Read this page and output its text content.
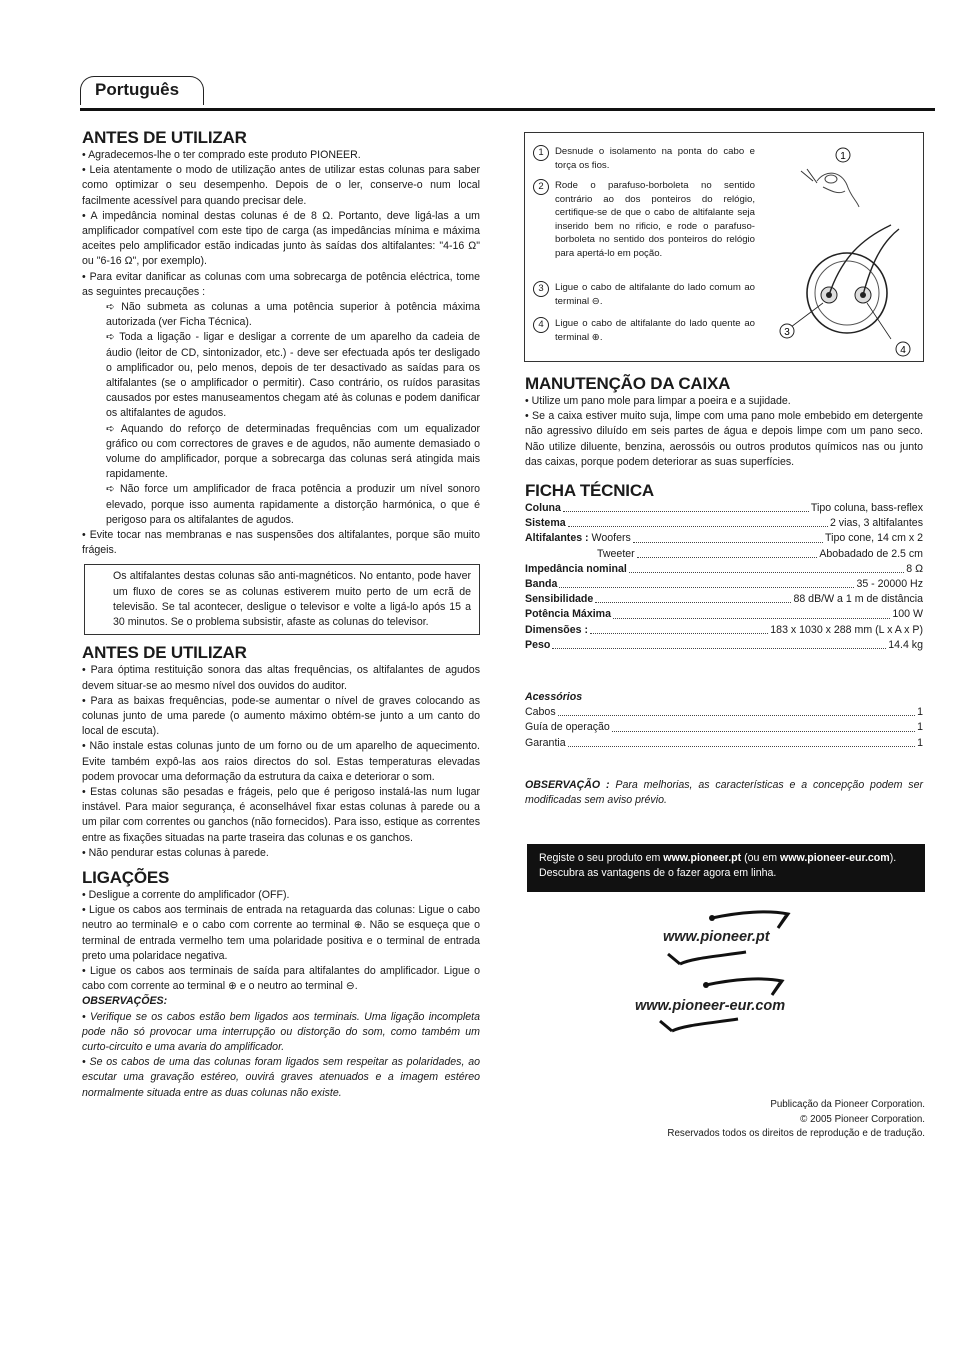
Português
ANTES DE UTILIZAR

• Agradecemos-lhe o ter comprado este produto PIONEER.

• Leia atentamente o modo de utilização antes de utilizar estas colunas para saber como optimizar o seu desempenho. Depois de o ler, conserve-o num local facilmente acessível para quando precisar dele.

• A impedância nominal destas colunas é de 8 Ω. Portanto, deve ligá-las a um amplificador compatível com este tipo de carga (as impedâncias mínima e máxima aceites pelo amplificador estão indicadas junto às saídas dos altifalantes: "4-16 Ω" ou "6-16 Ω", por exemplo).

• Para evitar danificar as colunas com uma sobrecarga de potência eléctrica, tome as seguintes precauções :

➪ Não submeta as colunas a uma potência superior à potência máxima autorizada (ver Ficha Técnica).

➪ Toda a ligação - ligar e desligar a corrente de um aparelho da cadeia de áudio (leitor de CD, sintonizador, etc.) - deve ser efectuada após ter desligado o amplificador ou, pelo menos, depois de ter desactivado as saídas para os altifalantes (se o amplificador o permitir). Caso contrário, os ruídos parasitas causados por estes manuseamentos chegam até às colunas e podem danificar os altifalantes de agudos.

➪ Aquando do reforço de determinadas frequências com um equalizador gráfico ou com correctores de graves e de agudos, não aumente demasiado o volume do amplificador, porque a sobrecarga das colunas será atingida mais rapidamente.

➪ Não force um amplificador de fraca potência a produzir um nível sonoro elevado, porque isso aumenta rapidamente a distorção harmónica, o que é perigoso para os altifalantes de agudos.

• Evite tocar nas membranas e nas suspensões dos altifalantes, porque são muito frágeis.

Os altifalantes destas colunas são anti-magnéticos. No entanto, pode haver um fluxo de cores se as colunas estiverem muito perto de um ecrã de televisão. Se tal acontecer, desligue o televisor e volte a ligá-lo após 15 a 30 minutos. Se o problema subsistir, afaste as colunas do televisor.
ANTES DE UTILIZAR

• Para óptima restituição sonora das altas frequências, os altifalantes de agudos devem situar-se ao mesmo nível dos ouvidos do auditor.

• Para as baixas frequências, pode-se aumentar o nível de graves colocando as colunas junto de uma parede (o aumento máximo obtém-se junto a um canto do local de escuta).

• Não instale estas colunas junto de um forno ou de um aparelho de aquecimento. Evite também expô-las aos raios directos do sol. Estas temperaturas elevadas podem provocar uma deformação da estrutura da caixa e deteriorar o som.

• Estas colunas são pesadas e frágeis, pelo que é perigoso instalá-las num lugar instável. Para maior segurança, é aconselhável fixar estas colunas à parede ou a um pilar com correntes ou ganchos (não fornecidos). Para isso, estique as correntes entre as fixações situadas na parte traseira das colunas e os ganchos.

• Não pendurar estas colunas à parede.

LIGAÇÕES

• Desligue a corrente do amplificador (OFF).

• Ligue os cabos aos terminais de entrada na retaguarda das colunas: Ligue o cabo neutro ao terminal⊖ e o cabo com corrente ao terminal ⊕. Não se esqueça que o terminal de entrada vermelho tem uma polaridade positiva e o terminal de entrada preto uma polaridace negativa.

• Ligue os cabos aos terminais de saída para altifalantes do amplificador. Ligue o cabo com corrente ao terminal ⊕ e o neutro ao terminal ⊖.

OBSERVAÇÕES:

• Verifique se os cabos estão bem ligados aos terminais. Uma ligação incompleta pode não só provocar uma interrupção ou distorção do som, como também um curto-circuito e uma avaria do amplificador.

• Se os cabos de uma das colunas foram ligados sem respeitar as polaridades, ao escutar uma gravação estéreo, ouvirá graves atenuados e a imagem estéreo normalmente situada entre as duas colunas não existe.

1	Desnude o isolamento na ponta do cabo e torça os fios.
2	Rode o parafuso-borboleta no sentido contrário ao dos ponteiros do relógio, certifique-se de que o cabo de altifalante seja inserido bem no rificio, e rode o parafuso-borboleta no sentido dos ponteiros do relógio para apertá-lo em poção.
3	Ligue o cabo de altifalante do lado comum ao terminal ⊖.
4	Ligue o cabo de altifalante do lado quente ao terminal ⊕.
1
3
4
MANUTENÇÃO DA CAIXA

• Utilize um pano mole para limpar a poeira e a sujidade.

• Se a caixa estiver muito suja, limpe com uma pano mole embebido em detergente não agressivo diluído em seis partes de água e depois limpe com um pano seco. Não utilize diluente, benzina, aerossóis ou outros produtos químicos nas ou junto das caixas, porque podem deteriorar as suas superfícies.

FICHA TÉCNICA
Coluna	Tipo coluna, bass-reflex
Sistema	2 vias, 3 altifalantes
Altifalantes :
Woofers	Tipo cone, 14 cm x 2
Tweeter	Abobadado de 2.5 cm
Impedância nominal	8 Ω
Banda	35 - 20000 Hz
Sensibilidade	88 dB/W a 1 m de distância
Potência Máxima	100 W
Dimensões :	183 x 1030 x 288 mm (L x A x P)
Peso	14.4 kg

Acessórios

Cabos	1
Guía de operação	1
Garantia	1
OBSERVAÇÃO : Para melhorias, as características e a concepção podem ser modificadas sem aviso prévio.
Registe o seu produto em www.pioneer.pt (ou em www.pioneer-eur.com).
Descubra as vantagens de o fazer agora em linha.
www.pioneer.pt
www.pioneer-eur.com
Publicação da Pioneer Corporation.
© 2005 Pioneer Corporation.
Reservados todos os direitos de reprodução e de tradução.
